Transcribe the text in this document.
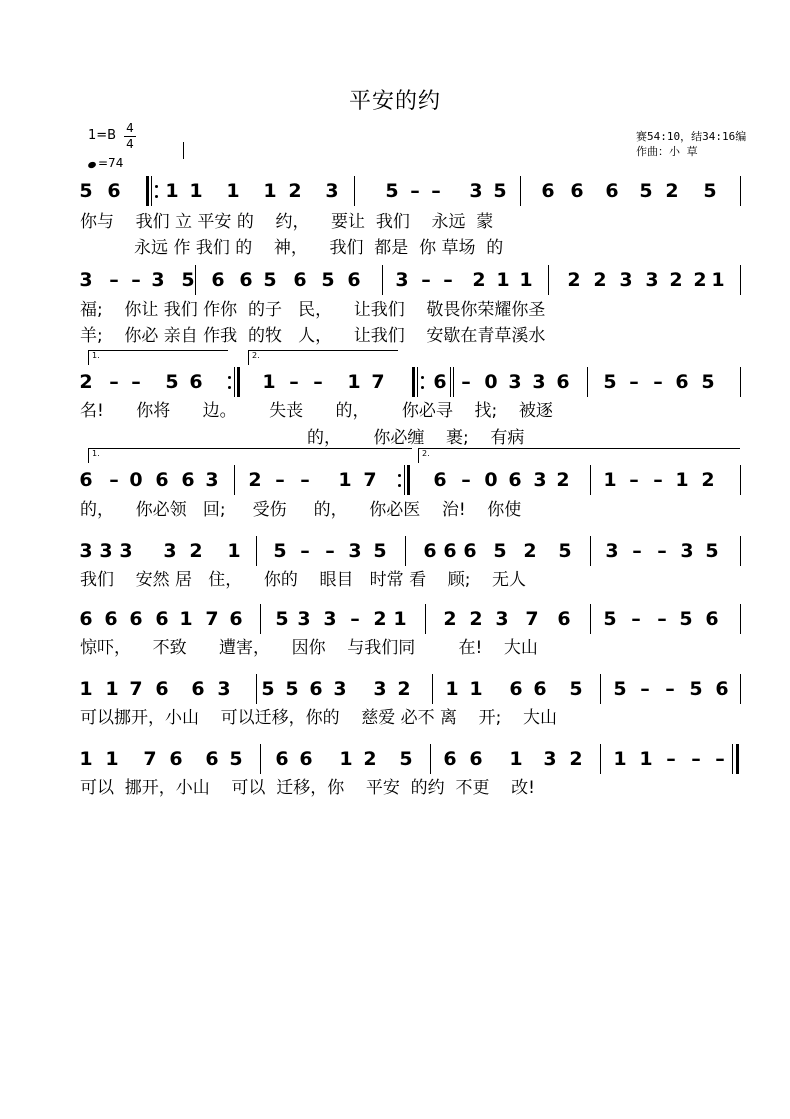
平安的约
1=B 4
4
=74
赛54:10，结34:16编
作曲：小 草
5 6 1 1 1 1 2 3 5 – – 3 5 6 6 6 5 2 5
你与    我们 立 平安 的    约，    要让  我们    永远  蒙
永远 作 我们 的    神，    我们  都是  你 草场  的
3 – – 3 5 6 6 5 6 5 6 3 – – 2 1 1 2 2 3 3 2 2 1
福;    你让 我们 作你  的子   民，    让我们    敬畏你荣耀你圣
羊;    你必 亲自 作我  的牧   人，    让我们    安歇在青草溪水
2 – – 5 6	1 – – 1 7	6 – 0 3 3 6 5 – – 6 5
名!      你将      边。      失丧      的，      你必寻    找;    被逐
的，      你必缠    裹;    有病
6 – 0 6 6 3 2 – – 1 7	6 – 0 6 3 2 1 – – 1 2
的，    你必领   回;     受伤     的，    你必医    治!    你使
3 3 3 3 2 1 5 – – 3 5 6 6 6 5 2 5 3 – – 3 5
我们    安然 居   住，    你的    眼目   时常 看    顾;    无人
6 6 6 6 1 7 6 5 3 3 – 2 1 2 2 3 7 6 5 – – 5 6
惊吓，    不致      遭害，    因你    与我们同        在!    大山
1 1 7 6 6 3 5 5 6 3 3 2 1 1 6 6 5 5 – – 5 6
可以挪开，小山    可以迁移，你的    慈爱 必不 离    开;    大山
1 1 7 6 6 5 6 6 1 2 5 6 6 1 3 2 1 1 – – –
可以  挪开，小山    可以  迁移，你    平安  的约  不更    改!
1.	2.
1.	2.
